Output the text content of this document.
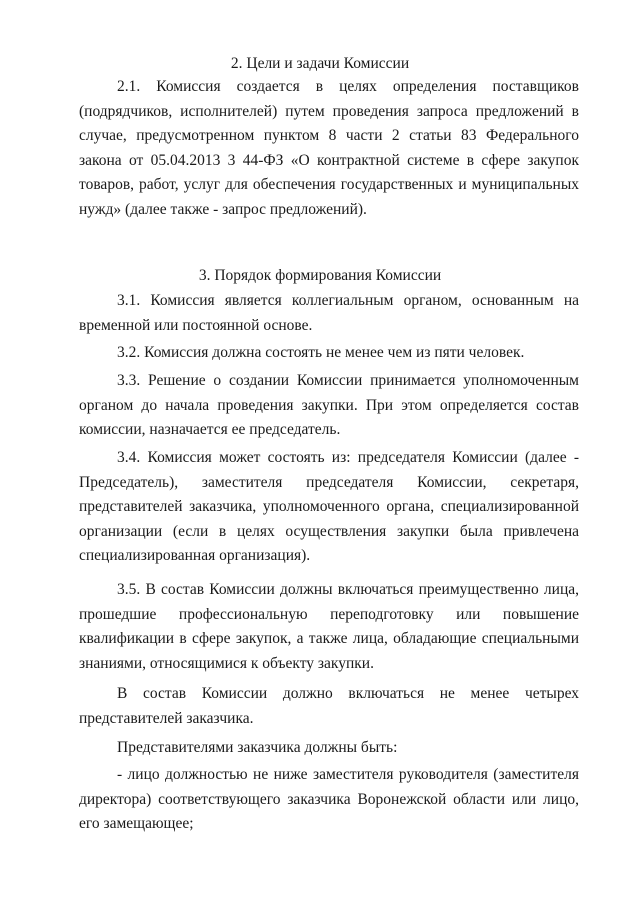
2. Цели и задачи Комиссии

2.1. Комиссия создается в целях определения поставщиков (подрядчиков, исполнителей) путем проведения запроса предложений в случае, предусмотренном пунктом 8 части 2 статьи 83 Федерального закона от 05.04.2013 3 44-ФЗ «О контрактной системе в сфере закупок товаров, работ, услуг для обеспечения государственных и муниципальных нужд» (далее также - запрос предложений).

3. Порядок формирования Комиссии

3.1. Комиссия является коллегиальным органом, основанным на временной или постоянной основе.

3.2. Комиссия должна состоять не менее чем из пяти человек.

3.3. Решение о создании Комиссии принимается уполномоченным органом до начала проведения закупки. При этом определяется состав комиссии, назначается ее председатель.

3.4. Комиссия может состоять из: председателя Комиссии (далее - Председатель), заместителя председателя Комиссии, секретаря, представителей заказчика, уполномоченного органа, специализированной организации (если в целях осуществления закупки была привлечена специализированная организация).

3.5. В состав Комиссии должны включаться преимущественно лица, прошедшие профессиональную переподготовку или повышение квалификации в сфере закупок, а также лица, обладающие специальными знаниями, относящимися к объекту закупки.

В состав Комиссии должно включаться не менее четырех представителей заказчика.

Представителями заказчика должны быть:

- лицо должностью не ниже заместителя руководителя (заместителя директора) соответствующего заказчика Воронежской области или лицо, его замещающее;
